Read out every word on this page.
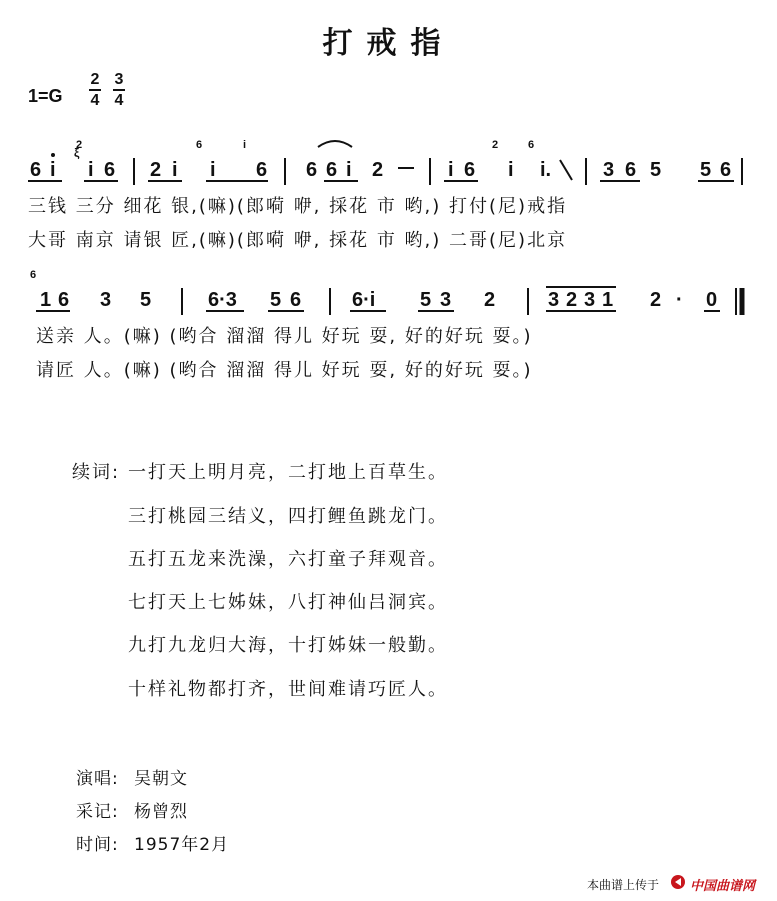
打戒指
1=G
2
4
3
4
6 i
2
ξ
i 6 2 i
6
i 6
i
6 6 i 2	i 6
2
i
6
i.	3 6 5 5 6
6
1 6 3 5	6·3 5 6	6·i 5 3 2	3 2 3 1 2 · 0
三钱 三分 细花 银,(嘛)(郎嗬 咿, 採花 市 哟,) 打付(尼)戒指
大哥 南京 请银 匠,(嘛)(郎嗬 咿, 採花 市 哟,) 二哥(尼)北京
送亲 人。(嘛) (哟合 溜溜 得儿 好玩 耍, 好的好玩 耍。)
请匠 人。(嘛) (哟合 溜溜 得儿 好玩 耍, 好的好玩 耍。)
续词: 一打天上明月亮，二打地上百草生。
三打桃园三结义，四打鲤鱼跳龙门。
五打五龙来洗澡，六打童子拜观音。
七打天上七姊妹，八打神仙吕洞宾。
九打九龙归大海，十打姊妹一般勤。
十样礼物都打齐，世间难请巧匠人。
演唱: 吴朝文
采记: 杨曾烈
时间: 1957年2月
本曲谱上传于 中国曲谱网
